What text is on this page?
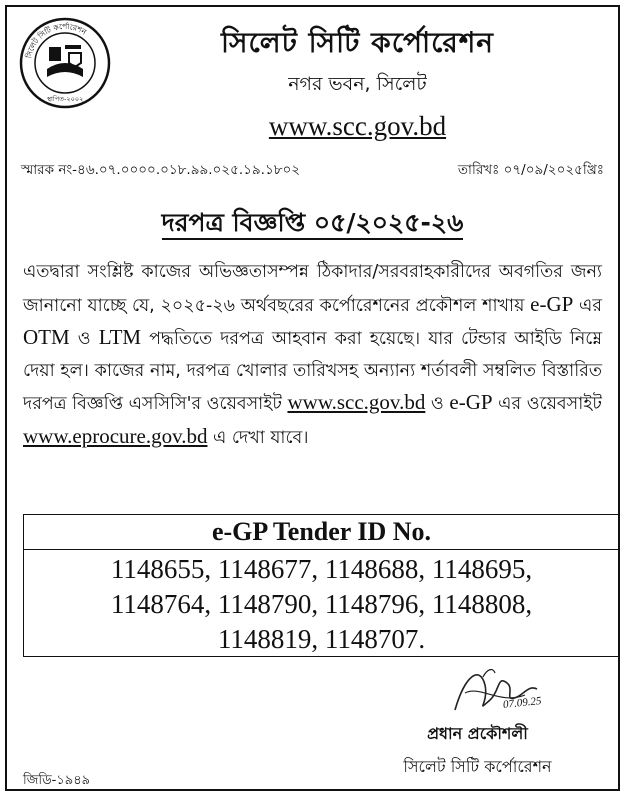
সিলেট সিটি কর্পোরেশন
স্থাপিত-২০০২
সিলেট সিটি কর্পোরেশন
নগর ভবন, সিলেট
www.scc.gov.bd
স্মারক নং-৪৬.০৭.০০০০.০১৮.৯৯.০২৫.১৯.১৮০২	তারিখঃ ০৭/০৯/২০২৫খ্রিঃ
দরপত্র বিজ্ঞপ্তি ০৫/২০২৫-২৬
এতদ্বারা সংশ্লিষ্ট কাজের অভিজ্ঞতাসম্পন্ন ঠিকাদার/সরবরাহকারীদের অবগতির জন্য জানানো যাচ্ছে যে, ২০২৫-২৬ অর্থবছরের কর্পোরেশনের প্রকৌশল শাখায় e-GP এর OTM ও LTM পদ্ধতিতে দরপত্র আহবান করা হয়েছে। যার টেন্ডার আইডি নিম্নে দেয়া হল। কাজের নাম, দরপত্র খোলার তারিখসহ অন্যান্য শর্তাবলী সম্বলিত বিস্তারিত দরপত্র বিজ্ঞপ্তি এসসিসি'র ওয়েবসাইট www.scc.gov.bd ও e-GP এর ওয়েবসাইট www.eprocure.gov.bd এ দেখা যাবে।
e-GP Tender ID No.
1148655, 1148677, 1148688, 1148695,
1148764, 1148790, 1148796, 1148808,
1148819, 1148707.
07.09.25
প্রধান প্রকৌশলী
সিলেট সিটি কর্পোরেশন
জিডি-১৯৪৯
